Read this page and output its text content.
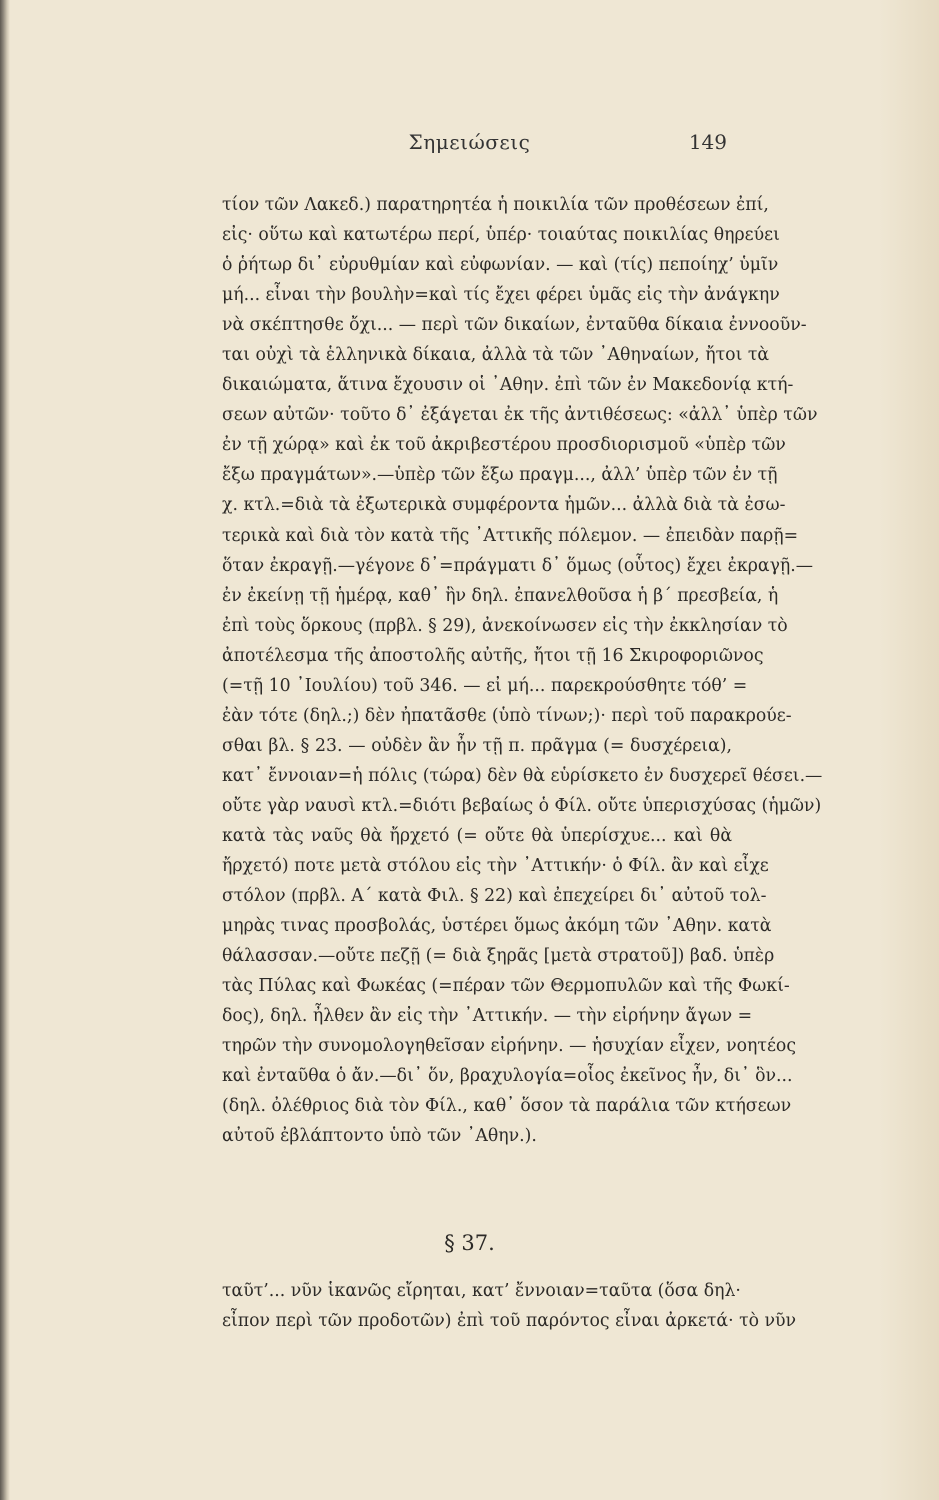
Σημειώσεις	149
τίον τῶν Λακεδ.) παρατηρητέα ἡ ποικιλία τῶν προθέσεων ἐπί,
εἰς· οὕτω καὶ κατωτέρω περί, ὑπέρ· τοιαύτας ποικιλίας θηρεύει
ὁ ῥήτωρ δι᾽ εὐρυθμίαν καὶ εὐφωνίαν. — καὶ (τίς) πεποίηχ’ ὑμῖν
μή... εἶναι τὴν βουλὴν=καὶ τίς ἔχει φέρει ὑμᾶς εἰς τὴν ἀνάγκην
νὰ σκέπτησθε ὄχι... — περὶ τῶν δικαίων, ἐνταῦθα δίκαια ἐννοοῦν-
ται οὐχὶ τὰ ἑλληνικὰ δίκαια, ἀλλὰ τὰ τῶν ᾿Αθηναίων, ἤτοι τὰ
δικαιώματα, ἅτινα ἔχουσιν οἱ ᾿Αθην. ἐπὶ τῶν ἐν Μακεδονίᾳ κτή-
σεων αὐτῶν· τοῦτο δ᾽ ἐξάγεται ἐκ τῆς ἀντιθέσεως: «ἀλλ᾽ ὑπὲρ τῶν
ἐν τῇ χώρᾳ» καὶ ἐκ τοῦ ἀκριβεστέρου προσδιορισμοῦ «ὑπὲρ τῶν
ἔξω πραγμάτων».—ὑπὲρ τῶν ἔξω πραγμ..., ἀλλ’ ὑπὲρ τῶν ἐν τῇ
χ. κτλ.=διὰ τὰ ἐξωτερικὰ συμφέροντα ἡμῶν... ἀλλὰ διὰ τὰ ἐσω-
τερικὰ καὶ διὰ τὸν κατὰ τῆς ᾿Αττικῆς πόλεμον. — ἐπειδὰν παρῇ=
ὅταν ἐκραγῇ.—γέγονε δ᾽=πράγματι δ᾽ ὅμως (οὗτος) ἔχει ἐκραγῇ.—
ἐν ἐκείνῃ τῇ ἡμέρᾳ, καθ᾽ ἣν δηλ. ἐπανελθοῦσα ἡ β΄ πρεσβεία, ἡ
ἐπὶ τοὺς ὅρκους (πρβλ. § 29), ἀνεκοίνωσεν εἰς τὴν ἐκκλησίαν τὸ
ἀποτέλεσμα τῆς ἀποστολῆς αὐτῆς, ἤτοι τῇ 16 Σκιροφοριῶνος
(=τῇ 10 ᾿Ιουλίου) τοῦ 346. — εἰ μή... παρεκρούσθητε τόθ’ =
ἐὰν τότε (δηλ.;) δὲν ἠπατᾶσθε (ὑπὸ τίνων;)· περὶ τοῦ παρακρούε-
σθαι βλ. § 23. — οὐδὲν ἂν ἦν τῇ π. πρᾶγμα (= δυσχέρεια),
κατ᾽ ἔννοιαν=ἡ πόλις (τώρα) δὲν θὰ εὑρίσκετο ἐν δυσχερεῖ θέσει.—
οὔτε γὰρ ναυσὶ κτλ.=διότι βεβαίως ὁ Φίλ. οὔτε ὑπερισχύσας (ἡμῶν)
κατὰ τὰς ναῦς θὰ ἤρχετό (= οὔτε θὰ ὑπερίσχυε... καὶ θὰ
ἤρχετό) ποτε μετὰ στόλου εἰς τὴν ᾿Αττικήν· ὁ Φίλ. ἂν καὶ εἶχε
στόλον (πρβλ. Α΄ κατὰ Φιλ. § 22) καὶ ἐπεχείρει δι᾽ αὐτοῦ τολ-
μηρὰς τινας προσβολάς, ὑστέρει ὅμως ἀκόμη τῶν ᾿Αθην. κατὰ
θάλασσαν.—οὔτε πεζῇ (= διὰ ξηρᾶς [μετὰ στρατοῦ]) βαδ. ὑπὲρ
τὰς Πύλας καὶ Φωκέας (=πέραν τῶν Θερμοπυλῶν καὶ τῆς Φωκί-
δος), δηλ. ἦλθεν ἂν εἰς τὴν ᾿Αττικήν. — τὴν εἰρήνην ἄγων =
τηρῶν τὴν συνομολογηθεῖσαν εἰρήνην. — ἡσυχίαν εἶχεν, νοητέος
καὶ ἐνταῦθα ὁ ἄν.—δι᾽ ὅν, βραχυλογία=οἷος ἐκεῖνος ἦν, δι᾽ ὃν...
(δηλ. ὀλέθριος διὰ τὸν Φίλ., καθ᾽ ὅσον τὰ παράλια τῶν κτήσεων
αὐτοῦ ἐβλάπτοντο ὑπὸ τῶν ᾿Αθην.).
§ 37.
ταῦτ’... νῦν ἱκανῶς εἴρηται, κατ’ ἔννοιαν=ταῦτα (ὅσα δηλ·
εἶπον περὶ τῶν προδοτῶν) ἐπὶ τοῦ παρόντος εἶναι ἀρκετά· τὸ νῦν
